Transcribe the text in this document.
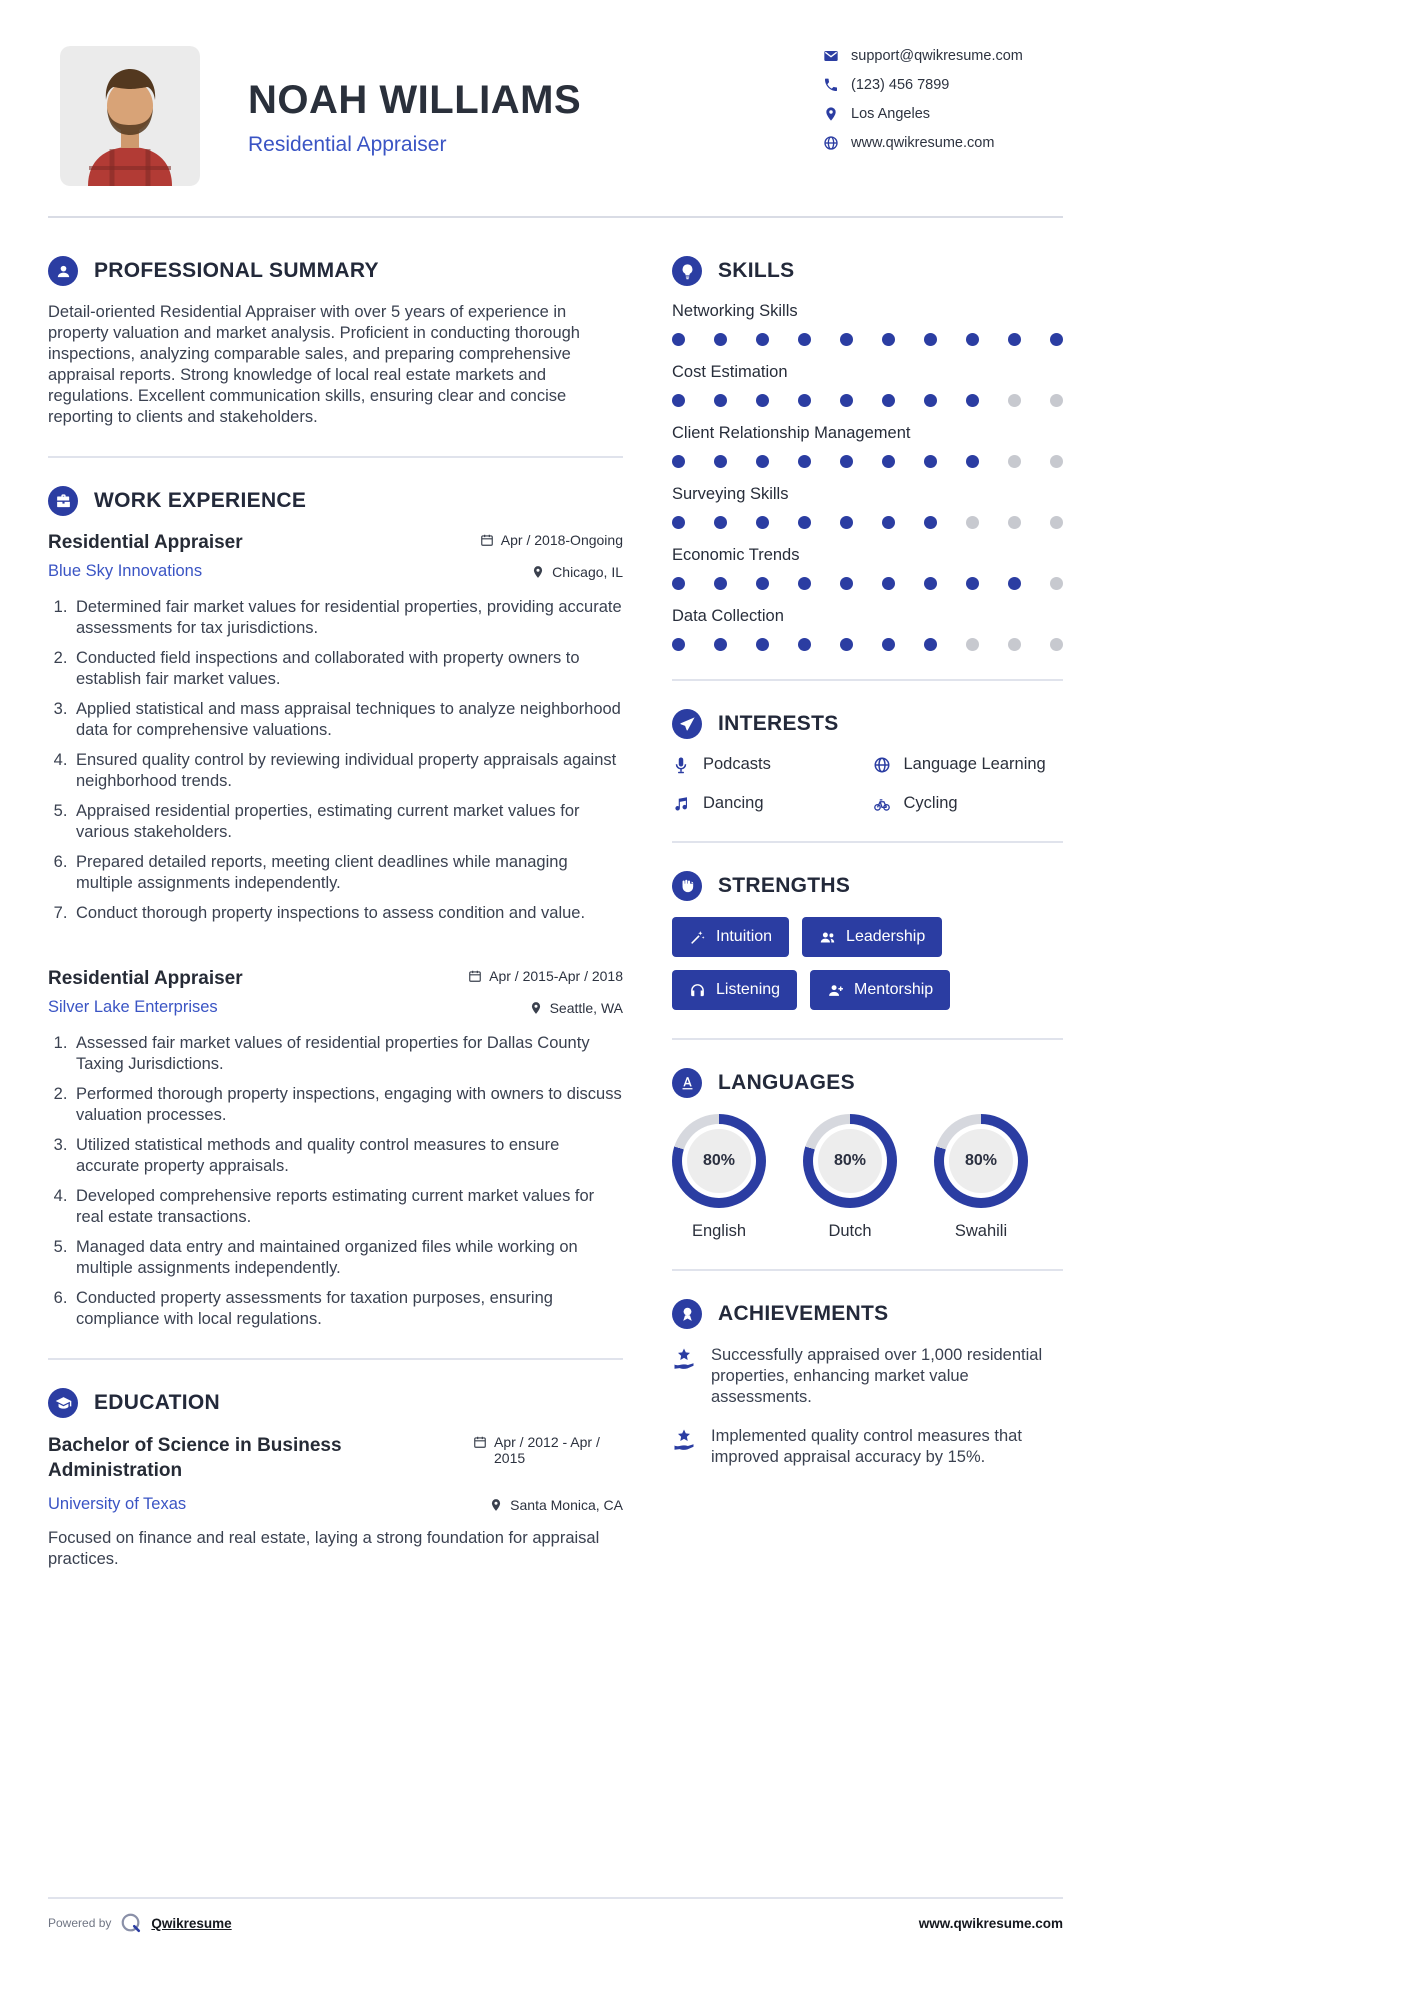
NOAH WILLIAMS
Residential Appraiser
support@qwikresume.com
(123) 456 7899
Los Angeles
www.qwikresume.com
PROFESSIONAL SUMMARY

Detail-oriented Residential Appraiser with over 5 years of experience in property valuation and market analysis. Proficient in conducting thorough inspections, analyzing comparable sales, and preparing comprehensive appraisal reports. Strong knowledge of local real estate markets and regulations. Excellent communication skills, ensuring clear and concise reporting to clients and stakeholders.

WORK EXPERIENCE
Residential Appraiser	Apr / 2018-Ongoing
Blue Sky Innovations	Chicago, IL
1. Determined fair market values for residential properties, providing accurate assessments for tax jurisdictions.
2. Conducted field inspections and collaborated with property owners to establish fair market values.
3. Applied statistical and mass appraisal techniques to analyze neighborhood data for comprehensive valuations.
4. Ensured quality control by reviewing individual property appraisals against neighborhood trends.
5. Appraised residential properties, estimating current market values for various stakeholders.
6. Prepared detailed reports, meeting client deadlines while managing multiple assignments independently.
7. Conduct thorough property inspections to assess condition and value.
Residential Appraiser	Apr / 2015-Apr / 2018
Silver Lake Enterprises	Seattle, WA
1. Assessed fair market values of residential properties for Dallas County Taxing Jurisdictions.
2. Performed thorough property inspections, engaging with owners to discuss valuation processes.
3. Utilized statistical methods and quality control measures to ensure accurate property appraisals.
4. Developed comprehensive reports estimating current market values for real estate transactions.
5. Managed data entry and maintained organized files while working on multiple assignments independently.
6. Conducted property assessments for taxation purposes, ensuring compliance with local regulations.
EDUCATION
Bachelor of Science in Business Administration
Apr / 2012 - Apr / 2015
University of Texas	Santa Monica, CA

Focused on finance and real estate, laying a strong foundation for appraisal practices.

SKILLS
Networking Skills
Cost Estimation
Client Relationship Management
Surveying Skills
Economic Trends
Data Collection
INTERESTS
Podcasts	Language Learning
Dancing	Cycling
STRENGTHS
Intuition	Leadership
Listening	Mentorship
LANGUAGES
80%
English
80%
Dutch
80%
Swahili
ACHIEVEMENTS
Successfully appraised over 1,000 residential properties, enhancing market value assessments.
Implemented quality control measures that improved appraisal accuracy by 15%.
Powered by	Qwikresume	www.qwikresume.com
